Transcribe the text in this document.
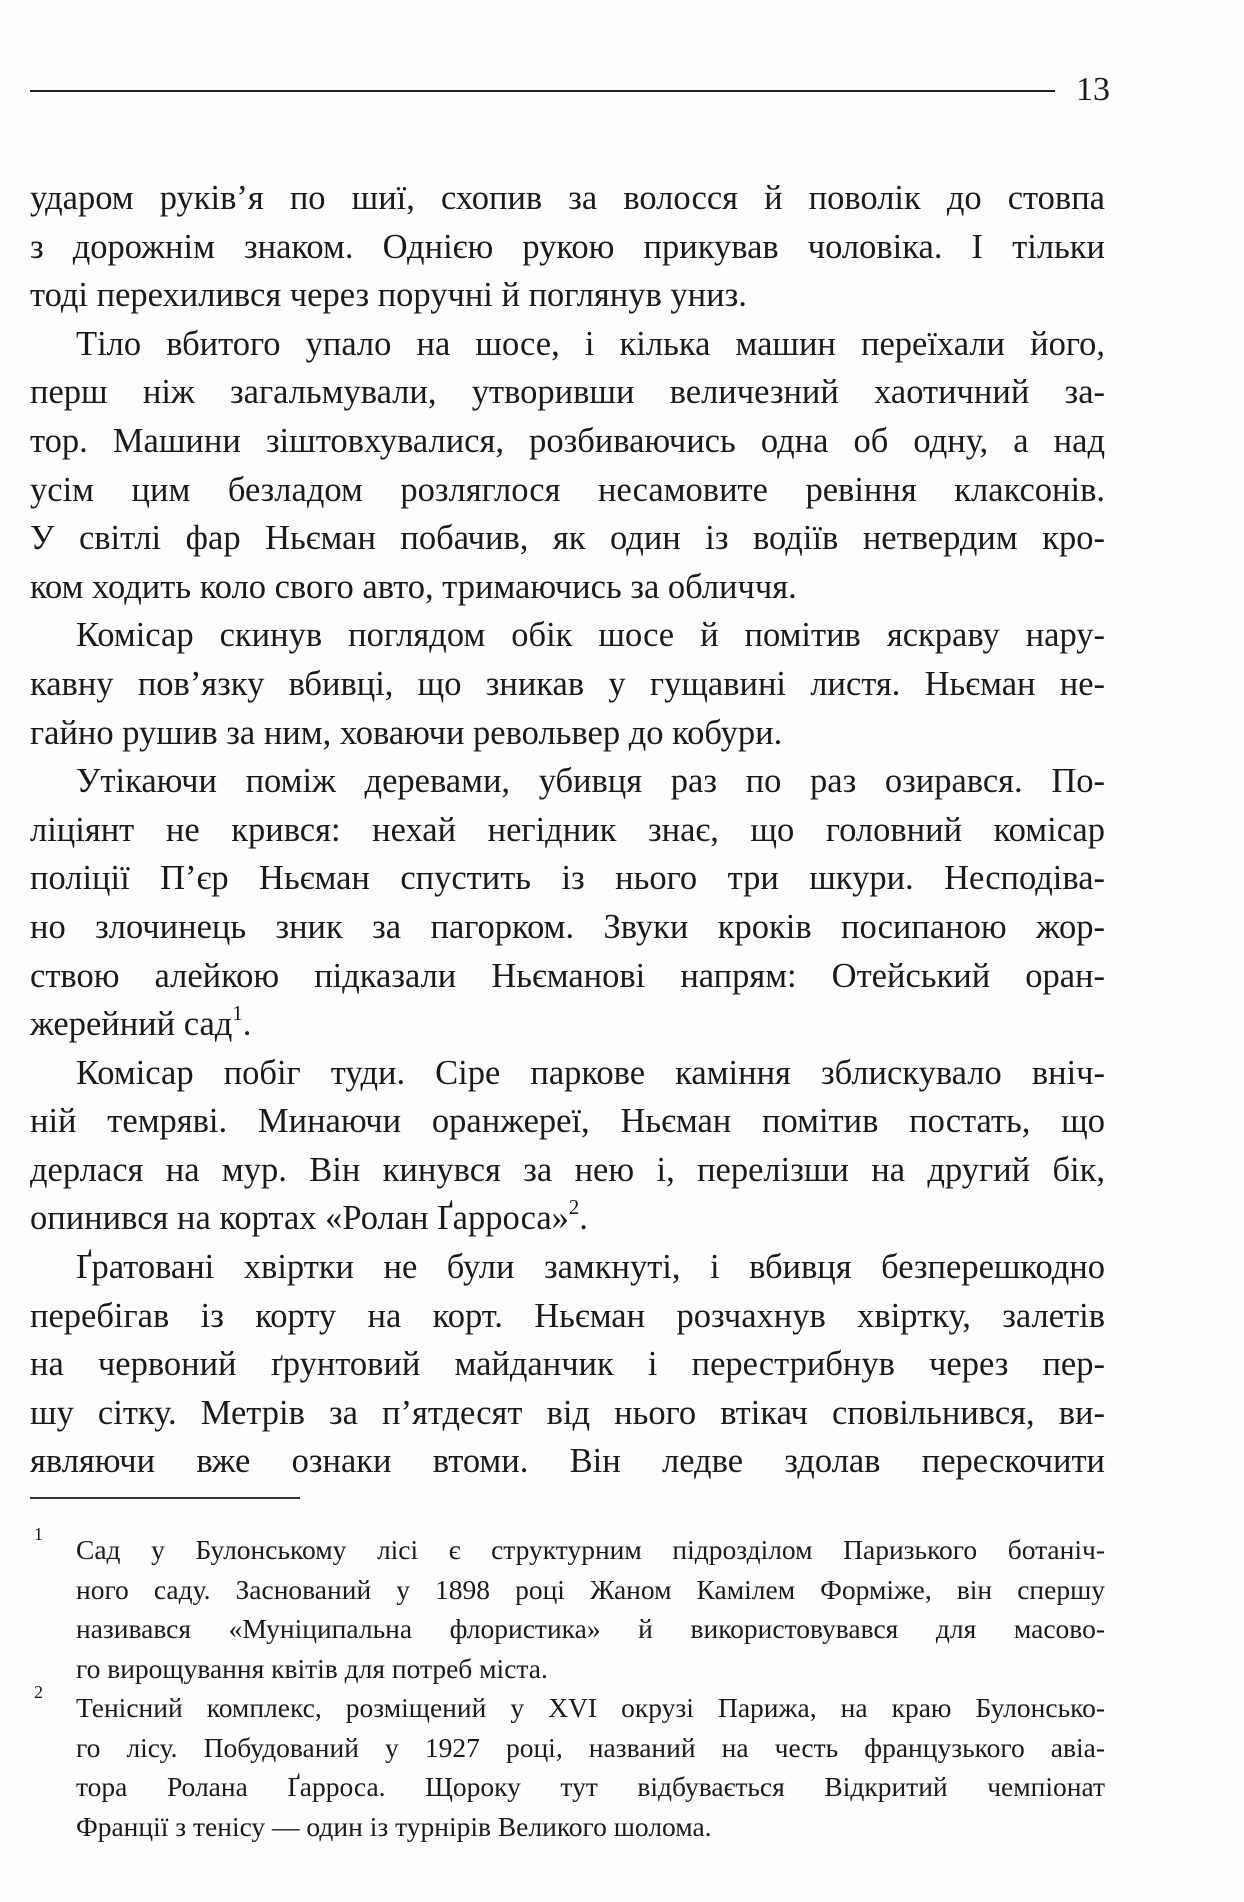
13

ударом руків’я по шиї, схопив за волосся й поволік до стовпа

з дорожнім знаком. Однією рукою прикував чоловіка. І тільки

тоді перехилився через поручні й поглянув униз.

Тіло вбитого упало на шосе, і кілька машин переїхали його,

перш ніж загальмували, утворивши величезний хаотичний за-

тор. Машини зіштовхувалися, розбиваючись одна об одну, а над

усім цим безладом розляглося несамовите ревіння клаксонів.

У світлі фар Ньєман побачив, як один із водіїв нетвердим кро-

ком ходить коло свого авто, тримаючись за обличчя.

Комісар скинув поглядом обік шосе й помітив яскраву нару-

кавну пов’язку вбивці, що зникав у гущавині листя. Ньєман не-

гайно рушив за ним, ховаючи револьвер до кобури.

Утікаючи поміж деревами, убивця раз по раз озирався. По-

ліціянт не крився: нехай негідник знає, що головний комісар

поліції П’єр Ньєман спустить із нього три шкури. Несподіва-

но злочинець зник за пагорком. Звуки кроків посипаною жор-

ствою алейкою підказали Ньєманові напрям: Отейський оран-

жерейний сад$^1$.

Комісар побіг туди. Сіре паркове каміння зблискувало вніч-

ній темряві. Минаючи оранжереї, Ньєман помітив постать, що

дерлася на мур. Він кинувся за нею і, перелізши на другий бік,

опинився на кортах «Ролан Ґарроса»$^2$.

Ґратовані хвіртки не були замкнуті, і вбивця безперешкодно

перебігав із корту на корт. Ньєман розчахнув хвіртку, залетів

на червоний ґрунтовий майданчик і перестрибнув через пер-

шу сітку. Метрів за п’ятдесят від нього втікач сповільнився, ви-

являючи вже ознаки втоми. Він ледве здолав перескочити

1 Сад у Булонському лісі є структурним підрозділом Паризького ботаніч-

ного саду. Заснований у 1898 році Жаном Камілем Форміже, він спершу

називався «Муніципальна флористика» й використовувався для масово-

го вирощування квітів для потреб міста.

2 Тенісний комплекс, розміщений у XVI окрузі Парижа, на краю Булонсько-

го лісу. Побудований у 1927 році, названий на честь французького авіа-

тора Ролана Ґарроса. Щороку тут відбувається Відкритий чемпіонат

Франції з тенісу — один із турнірів Великого шолома.
